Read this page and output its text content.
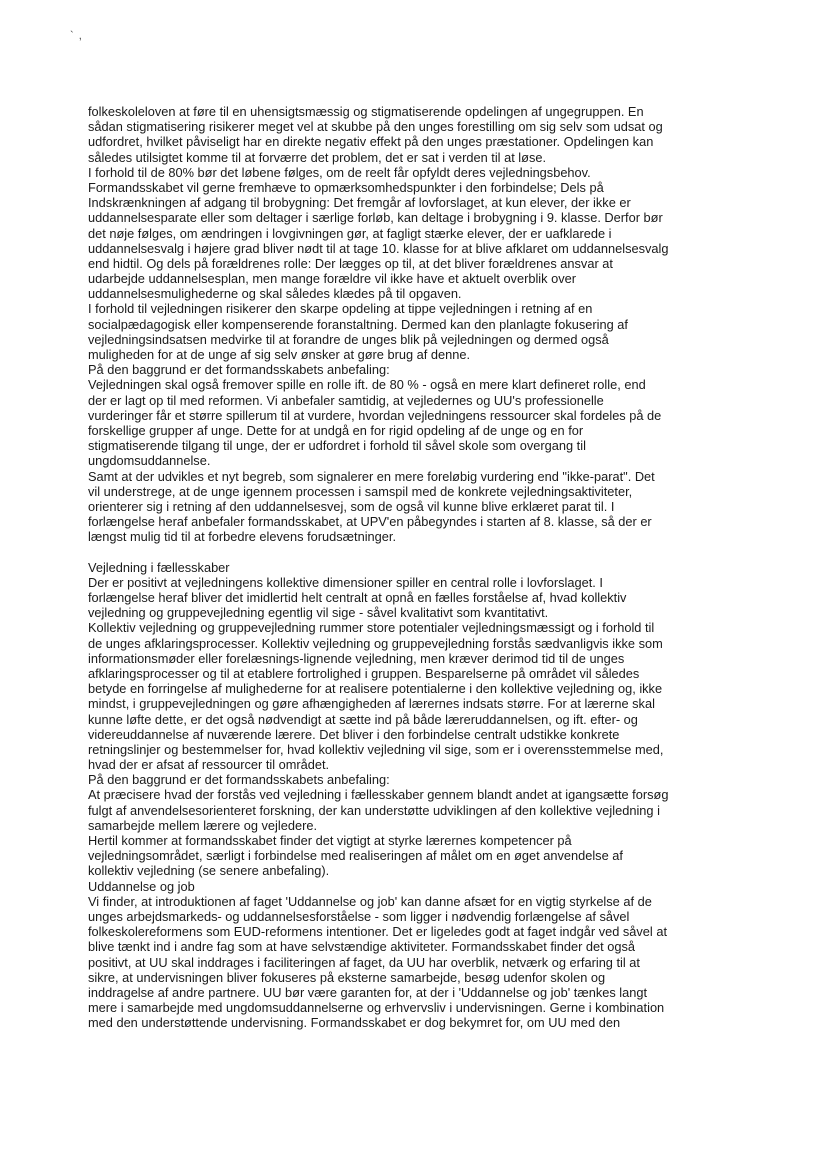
` ,
folkeskoleloven at føre til en uhensigtsmæssig og stigmatiserende opdelingen af ungegruppen. En
sådan stigmatisering risikerer meget vel at skubbe på den unges forestilling om sig selv som udsat og
udfordret, hvilket påviseligt har en direkte negativ effekt på den unges præstationer. Opdelingen kan
således utilsigtet komme til at forværre det problem, det er sat i verden til at løse.
I forhold til de 80% bør det løbene følges, om de reelt får opfyldt deres vejledningsbehov.
Formandsskabet vil gerne fremhæve to opmærksomhedspunkter i den forbindelse; Dels på
Indskrænkningen af adgang til brobygning: Det fremgår af lovforslaget, at kun elever, der ikke er
uddannelsesparate eller som deltager i særlige forløb, kan deltage i brobygning i 9. klasse. Derfor bør
det nøje følges, om ændringen i lovgivningen gør, at fagligt stærke elever, der er uafklarede i
uddannelsesvalg i højere grad bliver nødt til at tage 10. klasse for at blive afklaret om uddannelsesvalg
end hidtil. Og dels på forældrenes rolle: Der lægges op til, at det bliver forældrenes ansvar at
udarbejde uddannelsesplan, men mange forældre vil ikke have et aktuelt overblik over
uddannelsesmulighederne og skal således klædes på til opgaven.
I forhold til vejledningen risikerer den skarpe opdeling at tippe vejledningen i retning af en
socialpædagogisk eller kompenserende foranstaltning. Dermed kan den planlagte fokusering af
vejledningsindsatsen medvirke til at forandre de unges blik på vejledningen og dermed også
muligheden for at de unge af sig selv ønsker at gøre brug af denne.
På den baggrund er det formandsskabets anbefaling:
Vejledningen skal også fremover spille en rolle ift. de 80 % - også en mere klart defineret rolle, end
der er lagt op til med reformen. Vi anbefaler samtidig, at vejledernes og UU's professionelle
vurderinger får et større spillerum til at vurdere, hvordan vejledningens ressourcer skal fordeles på de
forskellige grupper af unge. Dette for at undgå en for rigid opdeling af de unge og en for
stigmatiserende tilgang til unge, der er udfordret i forhold til såvel skole som overgang til
ungdomsuddannelse.
Samt at der udvikles et nyt begreb, som signalerer en mere foreløbig vurdering end "ikke-parat". Det
vil understrege, at de unge igennem processen i samspil med de konkrete vejledningsaktiviteter,
orienterer sig i retning af den uddannelsesvej, som de også vil kunne blive erklæret parat til. I
forlængelse heraf anbefaler formandsskabet, at UPV'en påbegyndes i starten af 8. klasse, så der er
længst mulig tid til at forbedre elevens forudsætninger.
Vejledning i fællesskaber
Der er positivt at vejledningens kollektive dimensioner spiller en central rolle i lovforslaget. I
forlængelse heraf bliver det imidlertid helt centralt at opnå en fælles forståelse af, hvad kollektiv
vejledning og gruppevejledning egentlig vil sige - såvel kvalitativt som kvantitativt.
Kollektiv vejledning og gruppevejledning rummer store potentialer vejledningsmæssigt og i forhold til
de unges afklaringsprocesser. Kollektiv vejledning og gruppevejledning forstås sædvanligvis ikke som
informationsmøder eller forelæsnings-lignende vejledning, men kræver derimod tid til de unges
afklaringsprocesser og til at etablere fortrolighed i gruppen. Besparelserne på området vil således
betyde en forringelse af mulighederne for at realisere potentialerne i den kollektive vejledning og, ikke
mindst, i gruppevejledningen og gøre afhængigheden af lærernes indsats større. For at lærerne skal
kunne løfte dette, er det også nødvendigt at sætte ind på både læreruddannelsen, og ift. efter- og
videreuddannelse af nuværende lærere. Det bliver i den forbindelse centralt udstikke konkrete
retningslinjer og bestemmelser for, hvad kollektiv vejledning vil sige, som er i overensstemmelse med,
hvad der er afsat af ressourcer til området.
På den baggrund er det formandsskabets anbefaling:
At præcisere hvad der forstås ved vejledning i fællesskaber gennem blandt andet at igangsætte forsøg
fulgt af anvendelsesorienteret forskning, der kan understøtte udviklingen af den kollektive vejledning i
samarbejde mellem lærere og vejledere.
Hertil kommer at formandsskabet finder det vigtigt at styrke lærernes kompetencer på
vejledningsområdet, særligt i forbindelse med realiseringen af målet om en øget anvendelse af
kollektiv vejledning (se senere anbefaling).
Uddannelse og job
Vi finder, at introduktionen af faget 'Uddannelse og job' kan danne afsæt for en vigtig styrkelse af de
unges arbejdsmarkeds- og uddannelsesforståelse - som ligger i nødvendig forlængelse af såvel
folkeskolereformens som EUD-reformens intentioner. Det er ligeledes godt at faget indgår ved såvel at
blive tænkt ind i andre fag som at have selvstændige aktiviteter. Formandsskabet finder det også
positivt, at UU skal inddrages i faciliteringen af faget, da UU har overblik, netværk og erfaring til at
sikre, at undervisningen bliver fokuseres på eksterne samarbejde, besøg udenfor skolen og
inddragelse af andre partnere. UU bør være garanten for, at der i 'Uddannelse og job' tænkes langt
mere i samarbejde med ungdomsuddannelserne og erhvervsliv i undervisningen. Gerne i kombination
med den understøttende undervisning. Formandsskabet er dog bekymret for, om UU med den
